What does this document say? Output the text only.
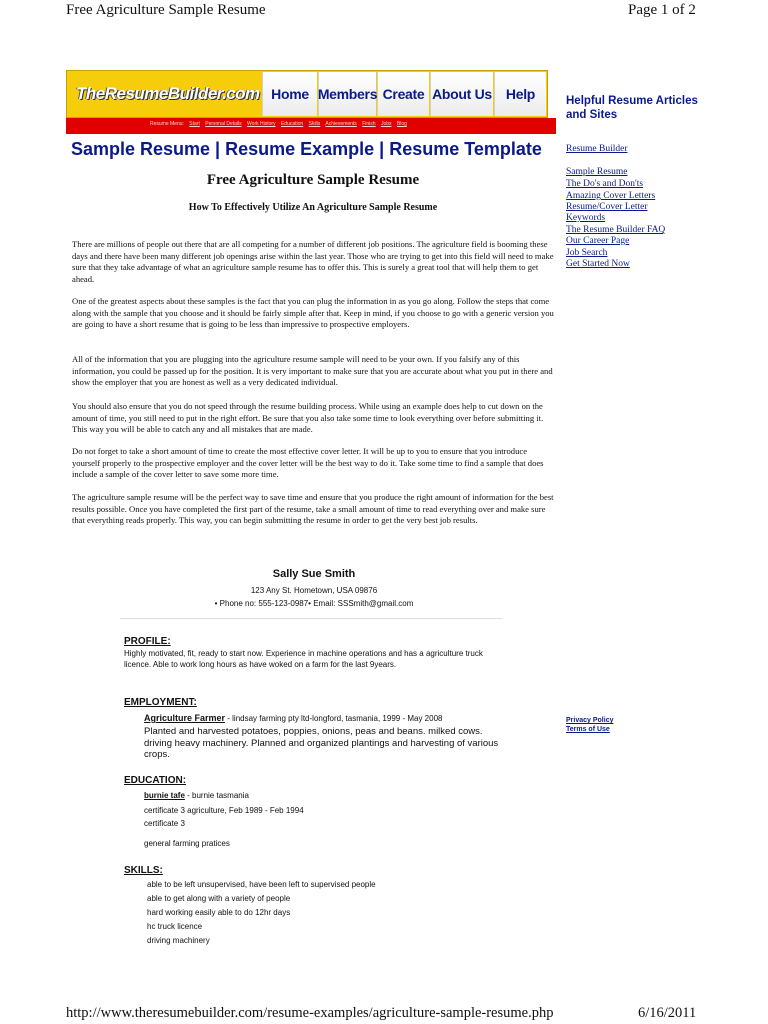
Free Agriculture Sample Resume	Page 1 of 2
TheResumeBuilder.com Home Members Create About Us	Help
Resume Menu: Start Personal Details Work History Education Skills Achievements Finish Jobs Blog
Sample Resume | Resume Example | Resume Template
Free Agriculture Sample Resume
How To Effectively Utilize An Agriculture Sample Resume
There are millions of people out there that are all competing for a number of different job positions. The agriculture field is booming these days and there have been many different job openings arise within the last year. Those who are trying to get into this field will need to make sure that they take advantage of what an agriculture sample resume has to offer this. This is surely a great tool that will help them to get ahead.
One of the greatest aspects about these samples is the fact that you can plug the information in as you go along. Follow the steps that come along with the sample that you choose and it should be fairly simple after that. Keep in mind, if you choose to go with a generic version you are going to have a short resume that is going to be less than impressive to prospective employers.
All of the information that you are plugging into the agriculture resume sample will need to be your own. If you falsify any of this information, you could be passed up for the position. It is very important to make sure that you are accurate about what you put in there and show the employer that you are honest as well as a very dedicated individual.
You should also ensure that you do not speed through the resume building process. While using an example does help to cut down on the amount of time, you still need to put in the right effort. Be sure that you also take some time to look everything over before submitting it. This way you will be able to catch any and all mistakes that are made.
Do not forget to take a short amount of time to create the most effective cover letter. It will be up to you to ensure that you introduce yourself properly to the prospective employer and the cover letter will be the best way to do it. Take some time to find a sample that does include a sample of the cover letter to save some more time.
The agriculture sample resume will be the perfect way to save time and ensure that you produce the right amount of information for the best results possible. Once you have completed the first part of the resume, take a small amount of time to read everything over and make sure that everything reads properly. This way, you can begin submitting the resume in order to get the very best job results.
Sally Sue Smith
123 Any St. Hometown, USA 09876
• Phone no: 555-123-0987• Email: SSSmith@gmail.com
PROFILE:
Highly motivated, fit, ready to start now. Experience in machine operations and has a agriculture truck licence. Able to work long hours as have woked on a farm for the last 9years.
EMPLOYMENT:
Agriculture Farmer - lindsay farming pty ltd-longford, tasmania, 1999 - May 2008
Planted and harvested potatoes, poppies, onions, peas and beans. milked cows. driving heavy machinery. Planned and organized plantings and harvesting of various crops.
EDUCATION:
burnie tafe - burnie tasmania
certificate 3 agriculture, Feb 1989 - Feb 1994
certificate 3
general farming pratices
SKILLS:
able to be left unsupervised, have been left to supervised people
able to get along with a variety of people
hard working easily able to do 12hr days
hc truck licence
driving machinery
Helpful Resume Articles and Sites
Resume Builder
Sample Resume
The Do's and Don'ts
Amazing Cover Letters
Resume/Cover Letter
Keywords
The Resume Builder FAQ
Our Career Page
Job Search
Get Started Now
Privacy Policy
Terms of Use
http://www.theresumebuilder.com/resume-examples/agriculture-sample-resume.php	6/16/2011
